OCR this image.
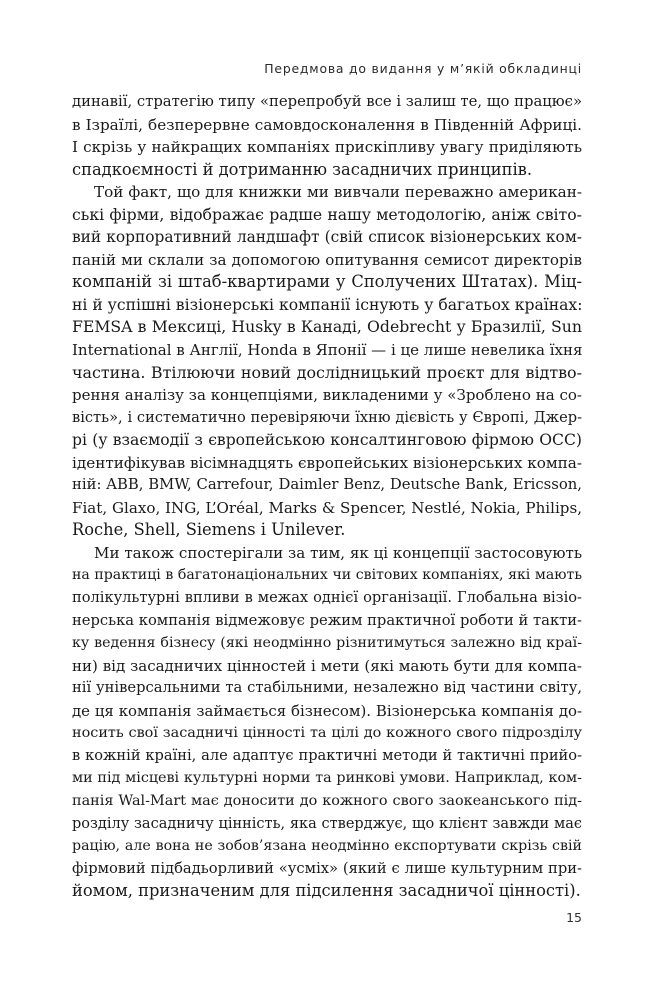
Передмова до видання у м’якій обкладинці
динавії, стратегію типу «перепробуй все і залиш те, що працює»
в Ізраїлі, безперервне самовдосконалення в Південній Африці.
І скрізь у найкращих компаніях прискіпливу увагу приділяють
спадкоємності й дотриманню засадничих принципів.
Той факт, що для книжки ми вивчали переважно американ-
ські фірми, відображає радше нашу методологію, аніж світо-
вий корпоративний ландшафт (свій список візіонерських ком-
паній ми склали за допомогою опитування семисот директорів
компаній зі штаб-квартирами у Сполучених Штатах). Міц-
ні й успішні візіонерські компанії існують у багатьох країнах:
FEMSA в Мексиці, Husky в Канаді, Odebrecht у Бразилії, Sun
International в Англії, Honda в Японії — і це лише невелика їхня
частина. Втілюючи новий дослідницький проєкт для відтво-
рення аналізу за концепціями, викладеними у «Зроблено на со-
вість», і систематично перевіряючи їхню дієвість у Європі, Джер-
рі (у взаємодії з європейською консалтинговою фірмою OCC)
ідентифікував вісімнадцять європейських візіонерських компа-
ній: ABB, BMW, Carrefour, Daimler Benz, Deutsche Bank, Ericsson,
Fiat, Glaxo, ING, L’Oréal, Marks & Spencer, Nestlé, Nokia, Philips,
Roche, Shell, Siemens і Unilever.
Ми також спостерігали за тим, як ці концепції застосовують
на практиці в багатонаціональних чи світових компаніях, які мають
полікультурні впливи в межах однієї організації. Глобальна візіо-
нерська компанія відмежовує режим практичної роботи й такти-
ку ведення бізнесу (які неодмінно різнитимуться залежно від краї-
ни) від засадничих цінностей і мети (які мають бути для компа-
нії універсальними та стабільними, незалежно від частини світу,
де ця компанія займається бізнесом). Візіонерська компанія до-
носить свої засадничі цінності та цілі до кожного свого підрозділу
в кожній країні, але адаптує практичні методи й тактичні прийо-
ми під місцеві культурні норми та ринкові умови. Наприклад, ком-
панія Wal-Mart має доносити до кожного свого заокеанського під-
розділу засадничу цінність, яка стверджує, що клієнт завжди має
рацію, але вона не зобов’язана неодмінно експортувати скрізь свій
фірмовий підбадьорливий «усміх» (який є лише культурним при-
йомом, призначеним для підсилення засадничої цінності).
15
